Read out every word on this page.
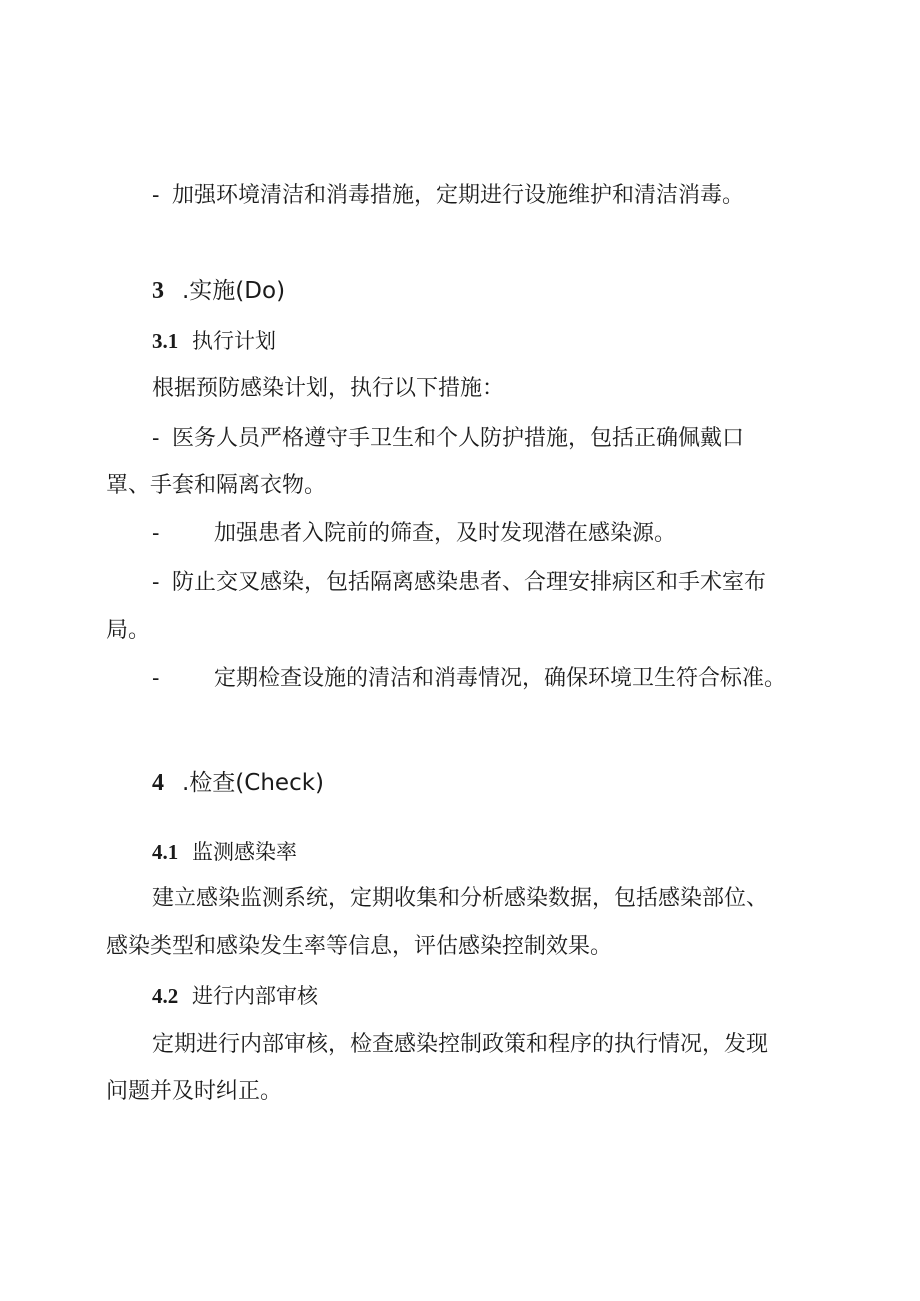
- 加强环境清洁和消毒措施，定期进行设施维护和清洁消毒。
3 .实施(Do)
3.1 执行计划
根据预防感染计划，执行以下措施：
- 医务人员严格遵守手卫生和个人防护措施，包括正确佩戴口
罩、手套和隔离衣物。
- 加强患者入院前的筛查，及时发现潜在感染源。
- 防止交叉感染，包括隔离感染患者、合理安排病区和手术室布
局。
- 定期检查设施的清洁和消毒情况，确保环境卫生符合标准。
4 .检查(Check)
4.1 监测感染率
建立感染监测系统，定期收集和分析感染数据，包括感染部位、
感染类型和感染发生率等信息，评估感染控制效果。
4.2 进行内部审核
定期进行内部审核，检查感染控制政策和程序的执行情况，发现
问题并及时纠正。
